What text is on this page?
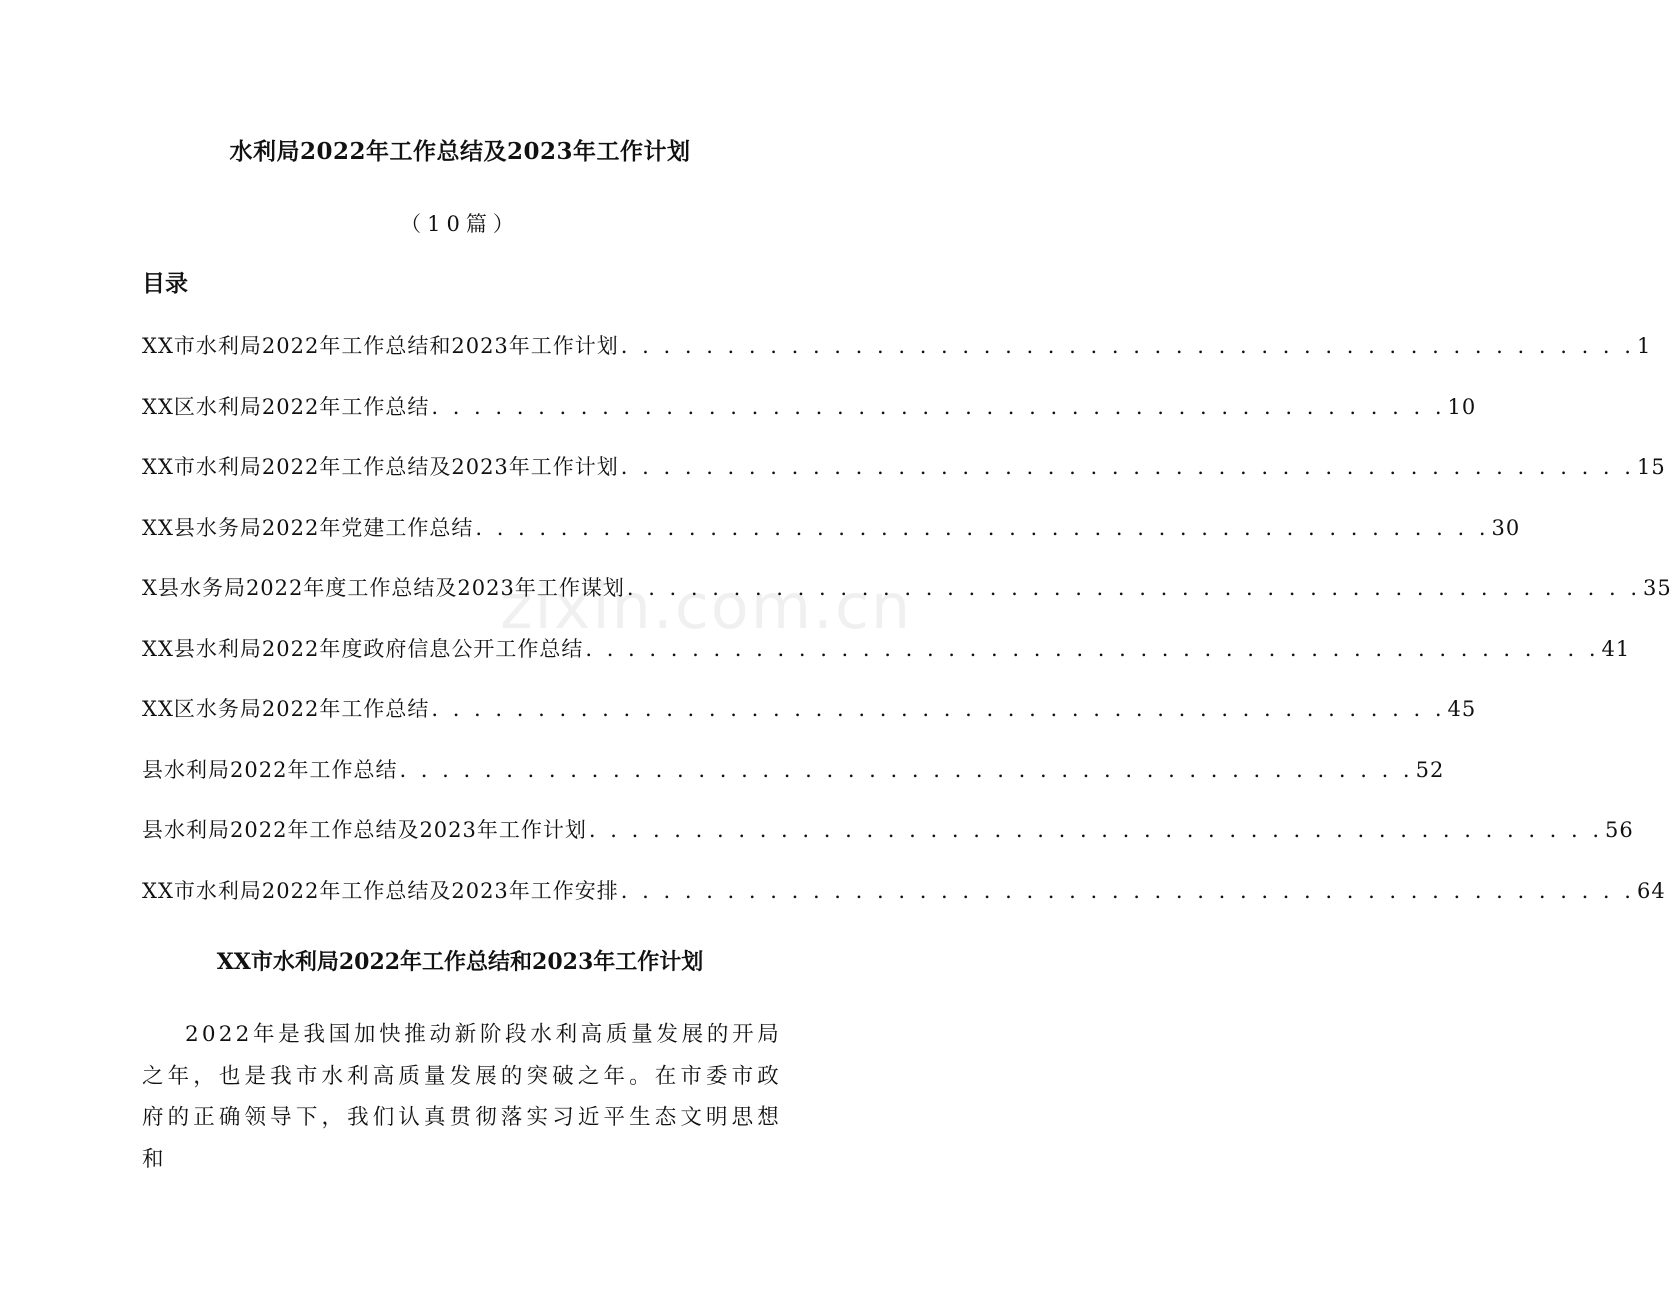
水利局2022年工作总结及2023年工作计划
（10篇）
目录
XX市水利局2022年工作总结和2023年工作计划 . . . . . . . . . . . . . . . . . . . . . . . . . . . . . . . . . . . . . . . . . . . . . . . . 1
XX区水利局2022年工作总结 . . . . . . . . . . . . . . . . . . . . . . . . . . . . . . . . . . . . . . . . . . . . . . . . 10
XX市水利局2022年工作总结及2023年工作计划 . . . . . . . . . . . . . . . . . . . . . . . . . . . . . . . . . . . . . . . . . . . . . . . . 15
XX县水务局2022年党建工作总结 . . . . . . . . . . . . . . . . . . . . . . . . . . . . . . . . . . . . . . . . . . . . . . . . 30
X县水务局2022年度工作总结及2023年工作谋划 . . . . . . . . . . . . . . . . . . . . . . . . . . . . . . . . . . . . . . . . . . . . . . . . 35
XX县水利局2022年度政府信息公开工作总结 . . . . . . . . . . . . . . . . . . . . . . . . . . . . . . . . . . . . . . . . . . . . . . . . 41
XX区水务局2022年工作总结 . . . . . . . . . . . . . . . . . . . . . . . . . . . . . . . . . . . . . . . . . . . . . . . . 45
县水利局2022年工作总结 . . . . . . . . . . . . . . . . . . . . . . . . . . . . . . . . . . . . . . . . . . . . . . . . 52
县水利局2022年工作总结及2023年工作计划 . . . . . . . . . . . . . . . . . . . . . . . . . . . . . . . . . . . . . . . . . . . . . . . . 56
XX市水利局2022年工作总结及2023年工作安排 . . . . . . . . . . . . . . . . . . . . . . . . . . . . . . . . . . . . . . . . . . . . . . . . 64
XX市水利局2022年工作总结和2023年工作计划

2022年是我国加快推动新阶段水利高质量发展的开局之年，也是我市水利高质量发展的突破之年。在市委市政府的正确领导下，我们认真贯彻落实习近平生态文明思想和

zixin.com.cn
